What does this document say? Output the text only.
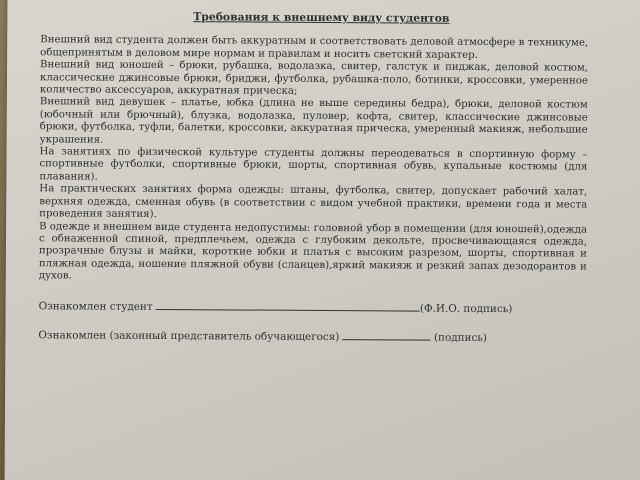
Требования к внешнему виду студентов

Внешний вид студента должен быть аккуратным и соответствовать деловой атмосфере в техникуме, общепринятым в деловом мире нормам и правилам и носить светский характер.

Внешний вид юношей – брюки, рубашка, водолазка, свитер, галстук и пиджак, деловой костюм, классические джинсовые брюки, бриджи, футболка, рубашка-поло, ботинки, кроссовки, умеренное количество аксессуаров, аккуратная прическа;

Внешний вид девушек – платье, юбка (длина не выше середины бедра), брюки, деловой костюм (юбочный или брючный), блузка, водолазка, пуловер, кофта, свитер, классические джинсовые брюки, футболка, туфли, балетки, кроссовки, аккуратная прическа, умеренный макияж, небольшие украшения.

На занятиях по физической культуре студенты должны переодеваться в спортивную форму – спортивные футболки, спортивные брюки, шорты, спортивная обувь, купальные костюмы (для плавания).

На практических занятиях форма одежды: штаны, футболка, свитер, допускает рабочий халат, верхняя одежда, сменная обувь (в соответствии с видом учебной практики, времени года и места проведения занятия).

В одежде и внешнем виде студента недопустимы: головной убор в помещении (для юношей),одежда с обнаженной спиной, предплечьем, одежда с глубоким декольте, просвечивающаяся одежда, прозрачные блузы и майки, короткие юбки и платья с высоким разрезом, шорты, спортивная и пляжная одежда, ношение пляжной обуви (сланцев),яркий макияж и резкий запах дезодорантов и духов.

Ознакомлен студент	(Ф.И.О. подпись)

Ознакомлен (законный представитель обучающегося)	(подпись)
